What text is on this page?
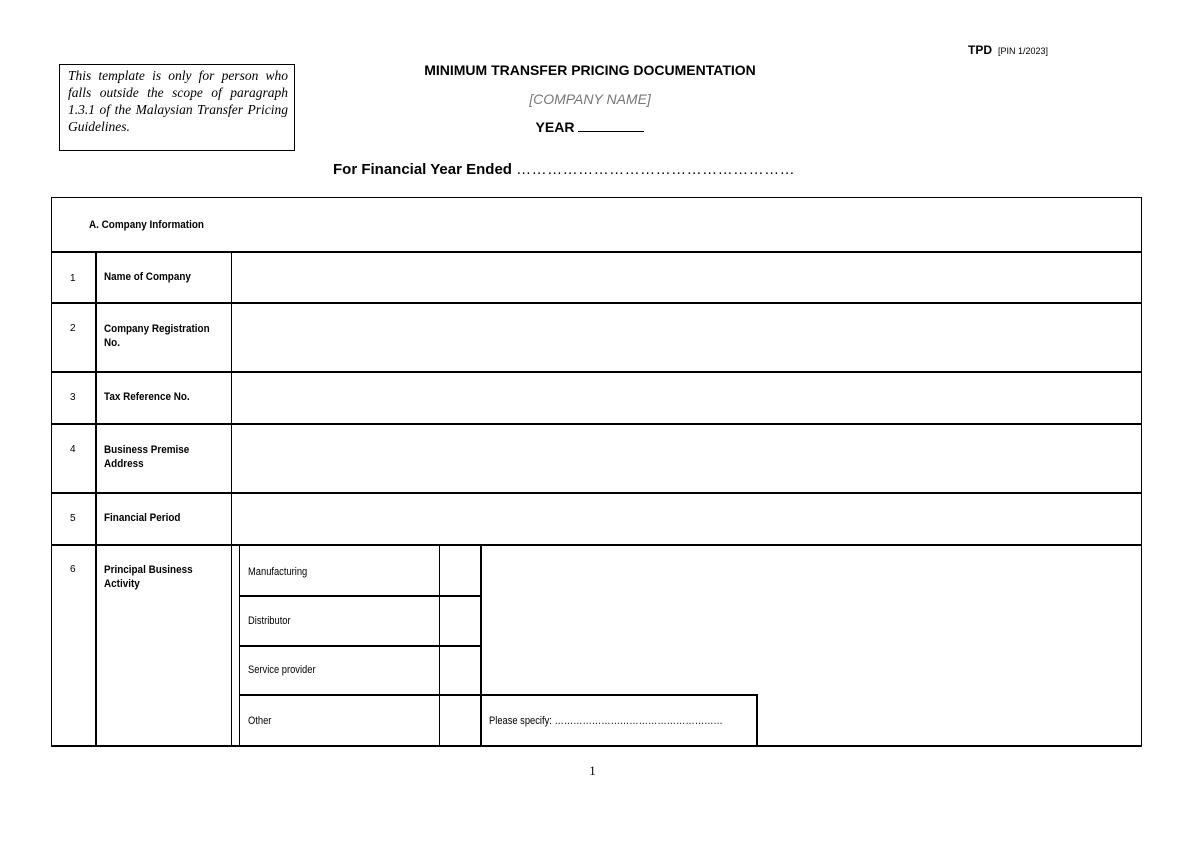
TPD [PIN 1/2023]
This template is only for person who falls outside the scope of paragraph 1.3.1 of the Malaysian Transfer Pricing Guidelines.
MINIMUM TRANSFER PRICING DOCUMENTATION
[COMPANY NAME]
YEAR
For Financial Year Ended ………………………………………………
A. Company Information
1	Name of Company
2	Company Registration No.
3	Tax Reference No.
4	Business Premise Address
5	Financial Period
6	Principal Business Activity
Manufacturing
Distributor
Service provider
Other	Please specify: ………………………………………………
1
